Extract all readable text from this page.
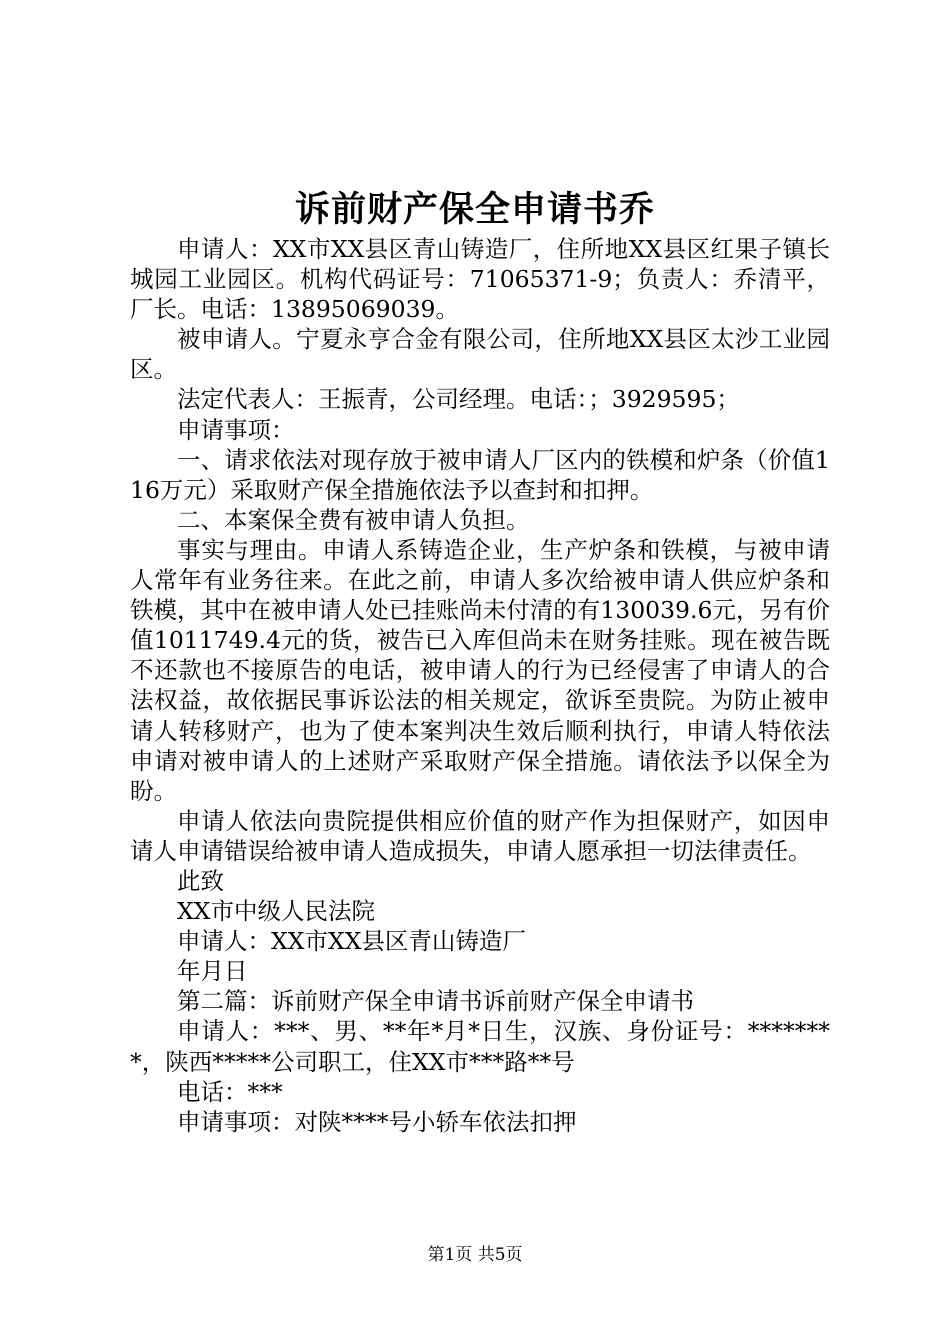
诉前财产保全申请书乔

申请人：XX市XX县区青山铸造厂，住所地XX县区红果子镇长城园工业园区。机构代码证号：71065371-9；负责人：乔清平，厂长。电话：13895069039。

被申请人。宁夏永亨合金有限公司，住所地XX县区太沙工业园区。

法定代表人：王振青，公司经理。电话：；3929595；

申请事项：

一、请求依法对现存放于被申请人厂区内的铁模和炉条（价值116万元）采取财产保全措施依法予以查封和扣押。

二、本案保全费有被申请人负担。

事实与理由。申请人系铸造企业，生产炉条和铁模，与被申请人常年有业务往来。在此之前，申请人多次给被申请人供应炉条和铁模，其中在被申请人处已挂账尚未付清的有130039.6元，另有价值1011749.4元的货，被告已入库但尚未在财务挂账。现在被告既不还款也不接原告的电话，被申请人的行为已经侵害了申请人的合法权益，故依据民事诉讼法的相关规定，欲诉至贵院。为防止被申请人转移财产，也为了使本案判决生效后顺利执行，申请人特依法申请对被申请人的上述财产采取财产保全措施。请依法予以保全为盼。

申请人依法向贵院提供相应价值的财产作为担保财产，如因申请人申请错误给被申请人造成损失，申请人愿承担一切法律责任。

此致

XX市中级人民法院

申请人：XX市XX县区青山铸造厂

年月日

第二篇：诉前财产保全申请书诉前财产保全申请书

申请人：***、男、**年*月*日生，汉族、身份证号：********，陕西*****公司职工，住XX市***路**号

电话：***

申请事项：对陕****号小轿车依法扣押

第1页 共5页
